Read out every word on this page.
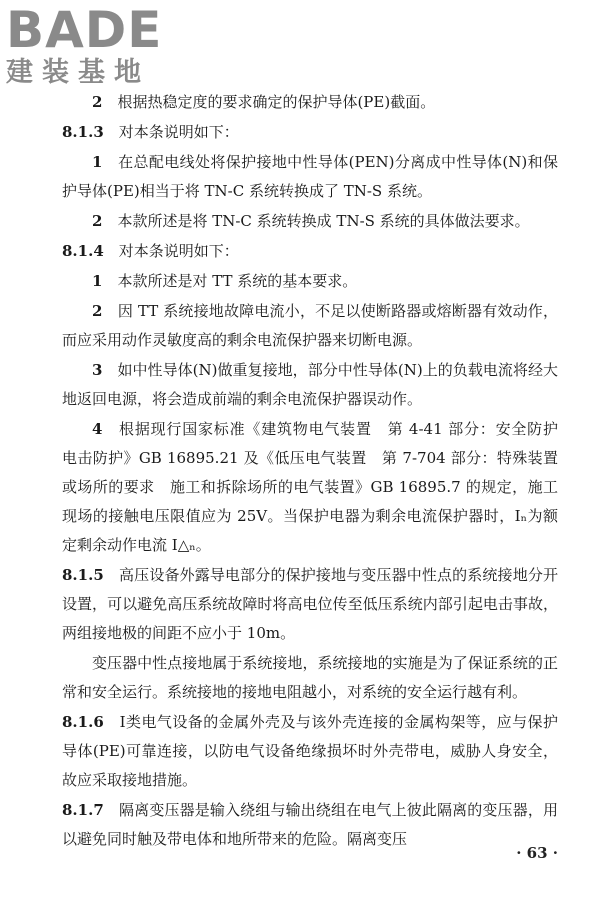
BADE
建装基地

2　 根据热稳定度的要求确定的保护导体(PE)截面。

8.1.3　 对本条说明如下：

1　 在总配电线处将保护接地中性导体(PEN)分离成中性导体(N)和保护导体(PE)相当于将 TN-C 系统转换成了 TN-S 系统。

2　 本款所述是将 TN-C 系统转换成 TN-S 系统的具体做法要求。

8.1.4　 对本条说明如下：

1　 本款所述是对 TT 系统的基本要求。

2　 因 TT 系统接地故障电流小，不足以使断路器或熔断器有效动作，而应采用动作灵敏度高的剩余电流保护器来切断电源。

3　 如中性导体(N)做重复接地，部分中性导体(N)上的负载电流将经大地返回电源，将会造成前端的剩余电流保护器误动作。

4　 根据现行国家标准《建筑物电气装置　第 4-41 部分：安全防护　电击防护》GB 16895.21 及《低压电气装置　第 7-704 部分：特殊装置或场所的要求　施工和拆除场所的电气装置》GB 16895.7 的规定，施工现场的接触电压限值应为 25V。当保护电器为剩余电流保护器时，Iₙ为额定剩余动作电流 I△ₙ。

8.1.5　 高压设备外露导电部分的保护接地与变压器中性点的系统接地分开设置，可以避免高压系统故障时将高电位传至低压系统内部引起电击事故，两组接地极的间距不应小于 10m。

变压器中性点接地属于系统接地，系统接地的实施是为了保证系统的正常和安全运行。系统接地的接地电阻越小，对系统的安全运行越有利。

8.1.6　 Ⅰ类电气设备的金属外壳及与该外壳连接的金属构架等，应与保护导体(PE)可靠连接，以防电气设备绝缘损坏时外壳带电，威胁人身安全，故应采取接地措施。

8.1.7　 隔离变压器是输入绕组与输出绕组在电气上彼此隔离的变压器，用以避免同时触及带电体和地所带来的危险。隔离变压

· 63 ·
